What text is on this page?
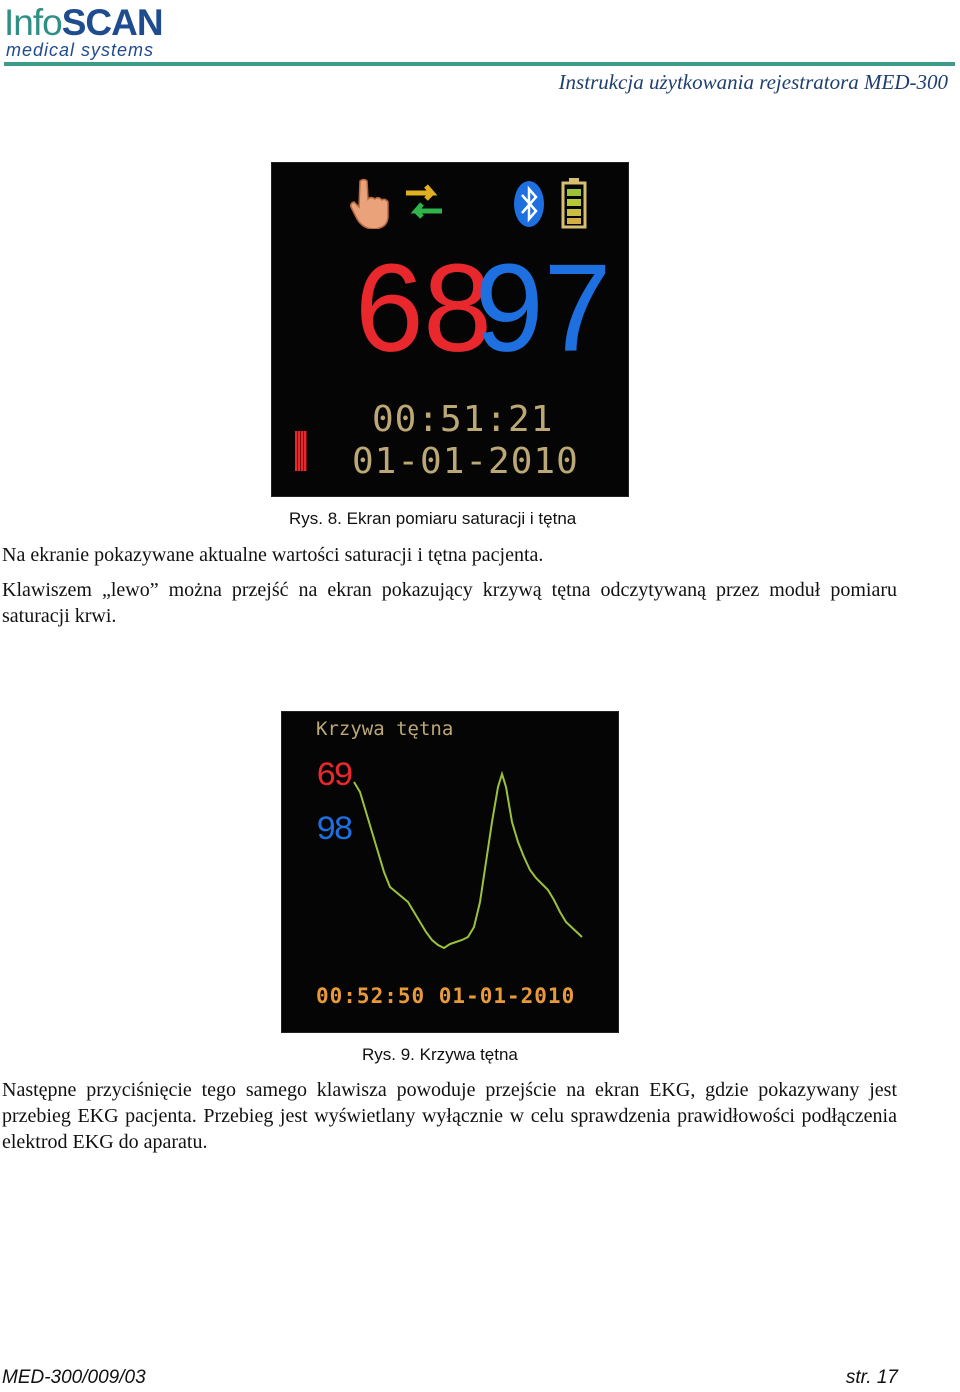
InfoSCAN
medical systems
Instrukcja użytkowania rejestratora MED-300
68
97
00:51:21
01-01-2010
Rys. 8. Ekran pomiaru saturacji i tętna

Na ekranie pokazywane aktualne wartości saturacji i tętna pacjenta.

Klawiszem „lewo” można przejść na ekran pokazujący krzywą tętna odczytywaną przez moduł pomiaru saturacji krwi.

Krzywa tętna
69
98
00:52:50 01-01-2010
Rys. 9. Krzywa tętna

Następne przyciśnięcie tego samego klawisza powoduje przejście na ekran EKG, gdzie pokazywany jest przebieg EKG pacjenta. Przebieg jest wyświetlany wyłącznie w celu sprawdzenia prawidłowości podłączenia elektrod EKG do aparatu.

MED-300/009/03	str. 17
